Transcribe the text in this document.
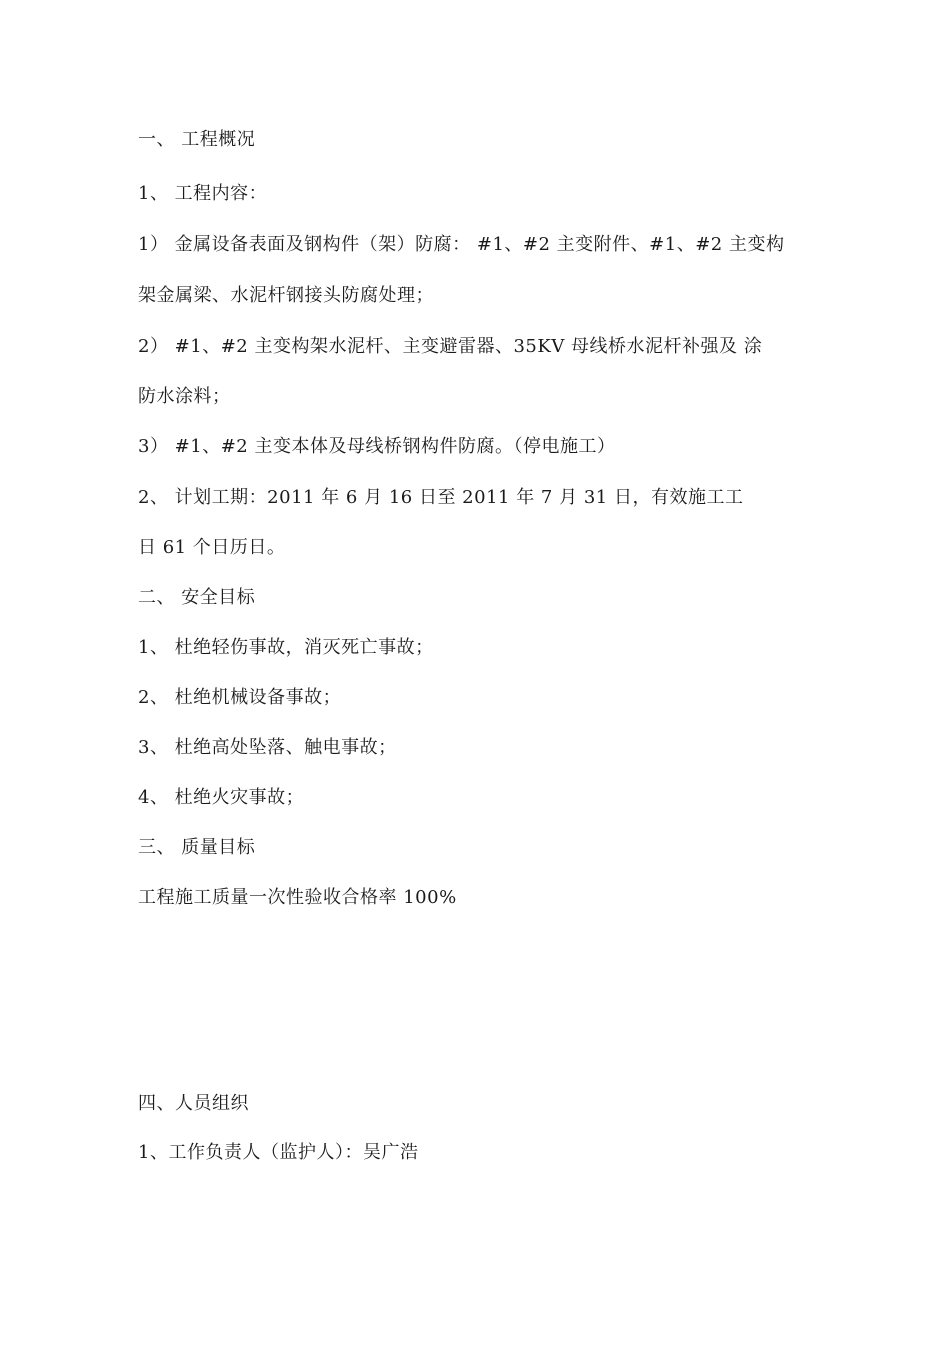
一、 工程概况
1、 工程内容：
1） 金属设备表面及钢构件（架）防腐： #1、#2 主变附件、#1、#2 主变构
架金属梁、水泥杆钢接头防腐处理；
2） #1、#2 主变构架水泥杆、主变避雷器、35KV 母线桥水泥杆补强及 涂
防水涂料；
3） #1、#2 主变本体及母线桥钢构件防腐。（停电施工）
2、 计划工期：2011 年 6 月 16 日至 2011 年 7 月 31 日，有效施工工
日 61 个日历日。
二、 安全目标
1、 杜绝轻伤事故，消灭死亡事故；
2、 杜绝机械设备事故；
3、 杜绝高处坠落、触电事故；
4、 杜绝火灾事故；
三、 质量目标
工程施工质量一次性验收合格率 100%
四、人员组织
1、工作负责人（监护人）：吴广浩
